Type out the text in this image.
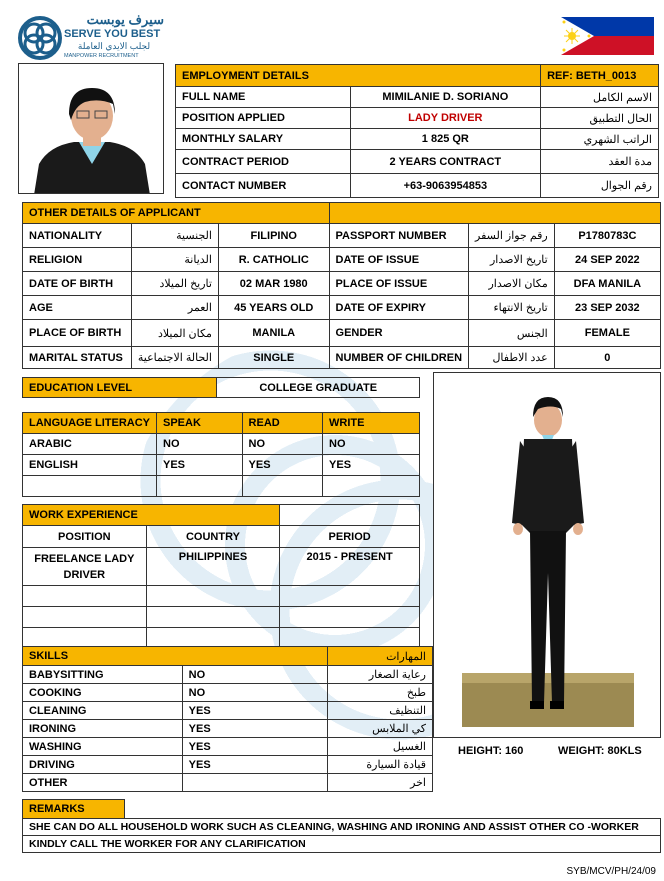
سيرف يوبست
SERVE YOU BEST
لجلب الايدي العاملة
MANPOWER RECRUITMENT
EMPLOYMENT DETAILS		REF: BETH_0013
FULL NAME	MIMILANIE D. SORIANO	الاسم الكامل
POSITION APPLIED	LADY DRIVER	الحال التطبيق
MONTHLY SALARY	1 825 QR	الراتب الشهري
CONTRACT PERIOD	2 YEARS CONTRACT	مدة العقد
CONTACT NUMBER	+63-9063954853	رقم الجوال
OTHER DETAILS OF APPLICANT					
NATIONALITY	الجنسية	FILIPINO	PASSPORT NUMBER	رقم جواز السفر	P1780783C
RELIGION	الديانة	R. CATHOLIC	DATE OF ISSUE	تاريخ الاصدار	24 SEP 2022
DATE OF BIRTH	تاريخ الميلاد	02 MAR 1980	PLACE OF ISSUE	مكان الاصدار	DFA MANILA
AGE	العمر	45 YEARS OLD	DATE OF EXPIRY	تاريخ الانتهاء	23 SEP 2032
PLACE OF BIRTH	مكان الميلاد	MANILA	GENDER	الجنس	FEMALE
MARITAL STATUS	الحالة الاجتماعية	SINGLE	NUMBER OF CHILDREN	عدد الاطفال	0
EDUCATION LEVEL	COLLEGE GRADUATE
LANGUAGE LITERACY	SPEAK	READ	WRITE
ARABIC	NO	NO	NO
ENGLISH	YES	YES	YES

WORK EXPERIENCE		
POSITION	COUNTRY	PERIOD
FREELANCE LADY DRIVER	PHILIPPINES	2015 - PRESENT

SKILLS		المهارات
BABYSITTING	NO	رعاية الصغار
COOKING	NO	طبخ
CLEANING	YES	التنظيف
IRONING	YES	كي الملابس
WASHING	YES	الغسيل
DRIVING	YES	قيادة السيارة
OTHER		اخر
HEIGHT: 160	WEIGHT: 80KLS
REMARKS	
SHE CAN DO ALL HOUSEHOLD WORK SUCH AS CLEANING, WASHING AND IRONING AND ASSIST OTHER CO -WORKER
KINDLY CALL THE WORKER FOR ANY CLARIFICATION
SYB/MCV/PH/24/09
